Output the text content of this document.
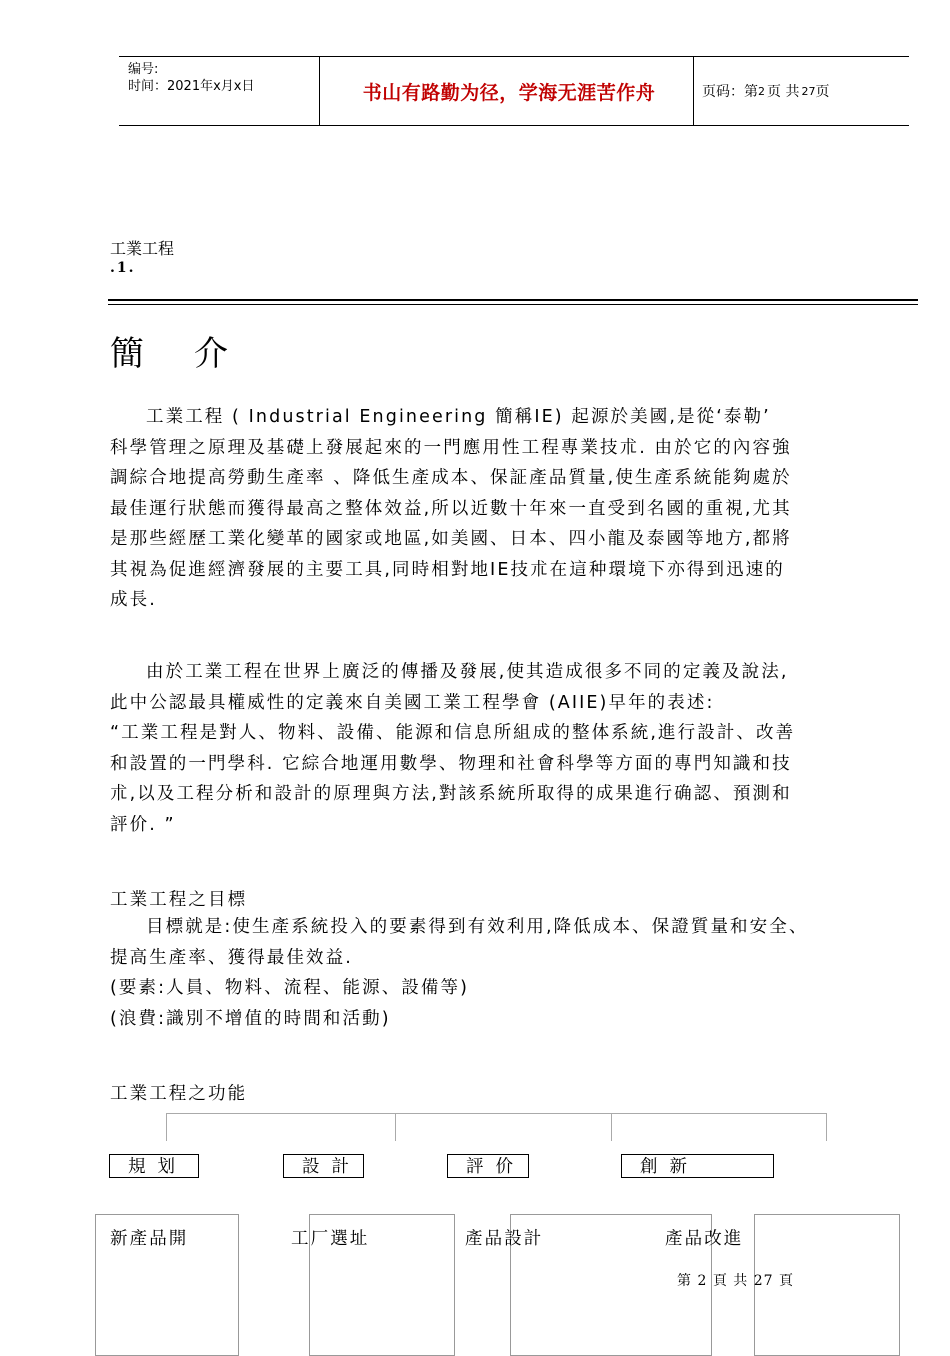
编号:
时间：2021年x月x日	书山有路勤为径，学海无涯苦作舟	页码：第 2 页 共 27 页
工業工程
.1.
簡介
工業工程 ( Industrial Engineering 簡稱IE) 起源於美國,是從‘泰勒’
科學管理之原理及基礎上發展起來的一門應用性工程專業技朮. 由於它的內容強
調綜合地提高勞動生產率 、降低生產成本、保証產品質量,使生產系統能夠處於
最佳運行狀態而獲得最高之整体效益,所以近數十年來一直受到名國的重視,尤其
是那些經歷工業化變革的國家或地區,如美國、日本、四小龍及泰國等地方,都將
其視為促進經濟發展的主要工具,同時相對地IE技朮在這种環境下亦得到迅速的
成長.
由於工業工程在世界上廣泛的傳播及發展,使其造成很多不同的定義及說法,
此中公認最具權威性的定義來自美國工業工程學會 (AIIE)早年的表述:
“工業工程是對人、物料、設備、能源和信息所組成的整体系統,進行設計、改善
和設置的一門學科. 它綜合地運用數學、物理和社會科學等方面的專門知識和技
朮,以及工程分析和設計的原理與方法,對該系統所取得的成果進行确認、預測和
評价. ”
工業工程之目標
目標就是:使生產系統投入的要素得到有效利用,降低成本、保證質量和安全、
提高生產率、獲得最佳效益.
(要素:人員、物料、流程、能源、設備等)
(浪費:識別不增值的時間和活動)
工業工程之功能
規划	設計	評价	創新
新產品開	工厂選址	產品設計	產品改進
第 2 頁 共 27 頁
